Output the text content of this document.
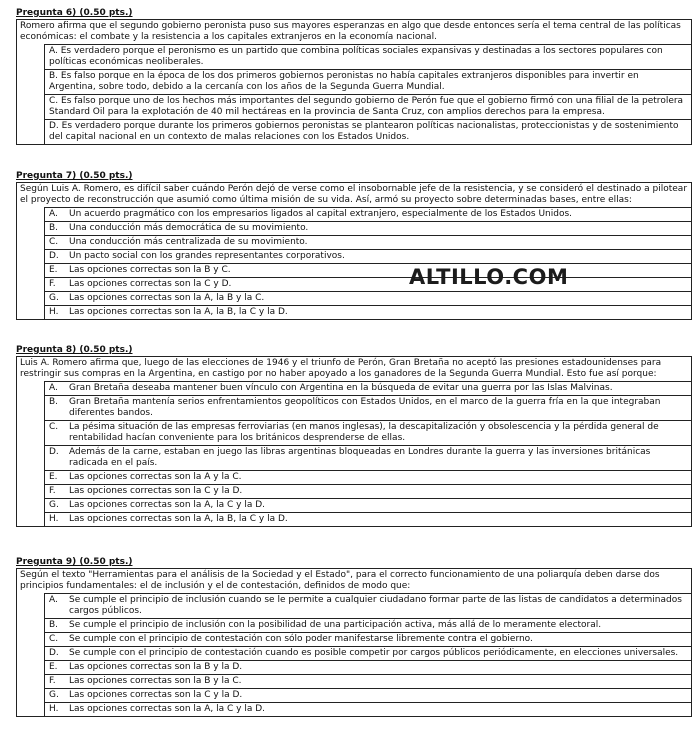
Pregunta 6) (0.50 pts.)
Romero afirma que el segundo gobierno peronista puso sus mayores esperanzas en algo que desde entonces sería el tema central de las políticas económicas: el combate y la resistencia a los capitales extranjeros en la economía nacional.
A. Es verdadero porque el peronismo es un partido que combina políticas sociales expansivas y destinadas a los sectores populares con políticas económicas neoliberales.
B. Es falso porque en la época de los dos primeros gobiernos peronistas no había capitales extranjeros disponibles para invertir en Argentina, sobre todo, debido a la cercanía con los años de la Segunda Guerra Mundial.
C. Es falso porque uno de los hechos más importantes del segundo gobierno de Perón fue que el gobierno firmó con una filial de la petrolera Standard Oil para la explotación de 40 mil hectáreas en la provincia de Santa Cruz, con amplios derechos para la empresa.
D. Es verdadero porque durante los primeros gobiernos peronistas se plantearon políticas nacionalistas, proteccionistas y de sostenimiento del capital nacional en un contexto de malas relaciones con los Estados Unidos.
Pregunta 7) (0.50 pts.)
Según Luis A. Romero, es difícil saber cuándo Perón dejó de verse como el insobornable jefe de la resistencia, y se consideró el destinado a pilotear el proyecto de reconstrucción que asumió como última misión de su vida. Así, armó su proyecto sobre determinadas bases, entre ellas:
A.	Un acuerdo pragmático con los empresarios ligados al capital extranjero, especialmente de los Estados Unidos.
B.	Una conducción más democrática de su movimiento.
C.	Una conducción más centralizada de su movimiento.
D.	Un pacto social con los grandes representantes corporativos.
E.	Las opciones correctas son la B y C.
F.	Las opciones correctas son la C y D.
G.	Las opciones correctas son la A, la B y la C.
H.	Las opciones correctas son la A, la B, la C y la D.
Pregunta 8) (0.50 pts.)
Luis A. Romero afirma que, luego de las elecciones de 1946 y el triunfo de Perón, Gran Bretaña no aceptó las presiones estadounidenses para restringir sus compras en la Argentina, en castigo por no haber apoyado a los ganadores de la Segunda Guerra Mundial. Esto fue así porque:
A.	Gran Bretaña deseaba mantener buen vínculo con Argentina en la búsqueda de evitar una guerra por las Islas Malvinas.
B.	Gran Bretaña mantenía serios enfrentamientos geopolíticos con Estados Unidos, en el marco de la guerra fría en la que integraban diferentes bandos.
C.	La pésima situación de las empresas ferroviarias (en manos inglesas), la descapitalización y obsolescencia y la pérdida general de rentabilidad hacían conveniente para los británicos desprenderse de ellas.
D.	Además de la carne, estaban en juego las libras argentinas bloqueadas en Londres durante la guerra y las inversiones británicas radicada en el país.
E.	Las opciones correctas son la A y la C.
F.	Las opciones correctas son la C y la D.
G.	Las opciones correctas son la A, la C y la D.
H.	Las opciones correctas son la A, la B, la C y la D.
Pregunta 9) (0.50 pts.)
Según el texto "Herramientas para el análisis de la Sociedad y el Estado", para el correcto funcionamiento de una poliarquía deben darse dos principios fundamentales: el de inclusión y el de contestación, definidos de modo que:
A.	Se cumple el principio de inclusión cuando se le permite a cualquier ciudadano formar parte de las listas de candidatos a determinados cargos públicos.
B.	Se cumple el principio de inclusión con la posibilidad de una participación activa, más allá de lo meramente electoral.
C.	Se cumple con el principio de contestación con sólo poder manifestarse libremente contra el gobierno.
D.	Se cumple con el principio de contestación cuando es posible competir por cargos públicos periódicamente, en elecciones universales.
E.	Las opciones correctas son la B y la D.
F.	Las opciones correctas son la B y la C.
G.	Las opciones correctas son la C y la D.
H.	Las opciones correctas son la A, la C y la D.
ALTILLO.COM
